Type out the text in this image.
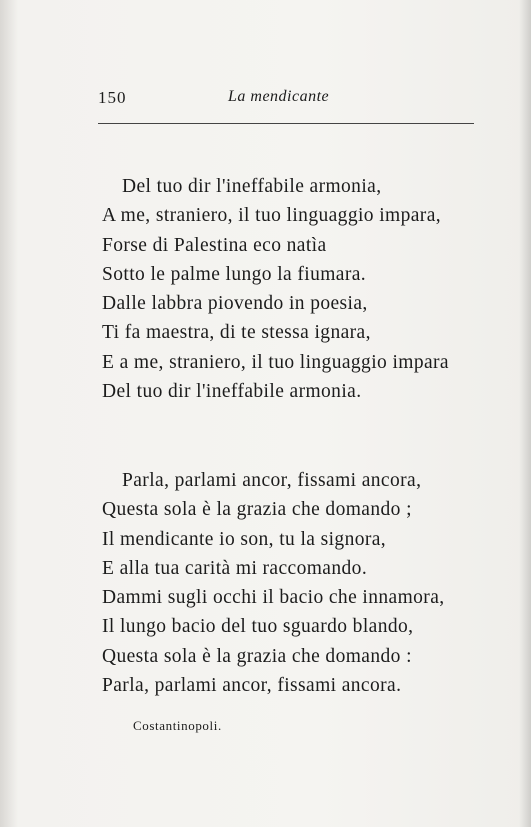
150	La mendicante
Del tuo dir l'ineffabile armonia,
A me, straniero, il tuo linguaggio impara,
Forse di Palestina eco natìa
Sotto le palme lungo la fiumara.
Dalle labbra piovendo in poesia,
Ti fa maestra, di te stessa ignara,
E a me, straniero, il tuo linguaggio impara
Del tuo dir l'ineffabile armonia.
Parla, parlami ancor, fissami ancora,
Questa sola è la grazia che domando ;
Il mendicante io son, tu la signora,
E alla tua carità mi raccomando.
Dammi sugli occhi il bacio che innamora,
Il lungo bacio del tuo sguardo blando,
Questa sola è la grazia che domando :
Parla, parlami ancor, fissami ancora.
Costantinopoli.
